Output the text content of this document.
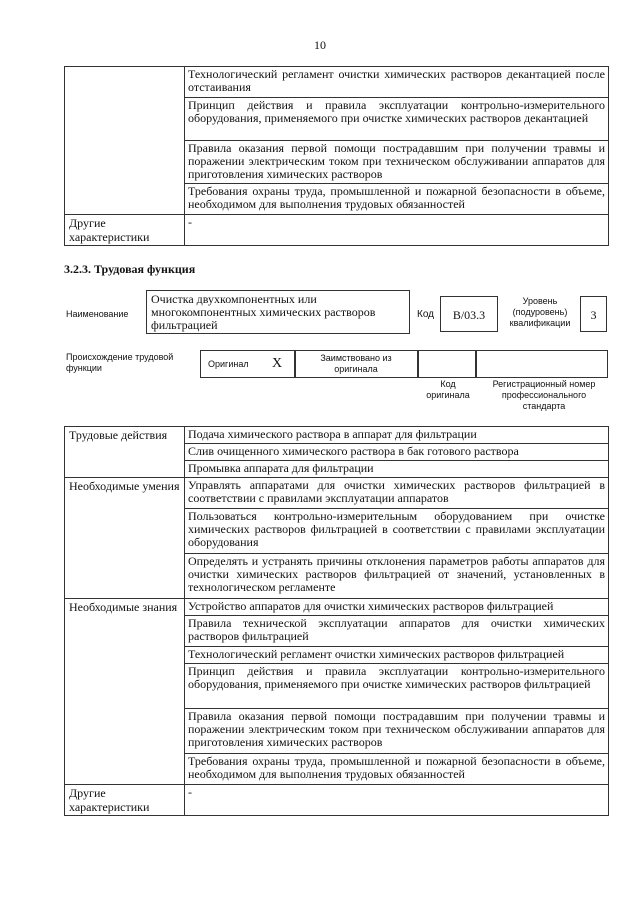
10
	Технологический регламент очистки химических растворов декантацией после отстаивания
	Принцип действия и правила эксплуатации контрольно-измерительного оборудования, применяемого при очистке химических растворов декантацией
	Правила оказания первой помощи пострадавшим при получении травмы и поражении электрическим током при техническом обслуживании аппаратов для приготовления химических растворов
	Требования охраны труда, промышленной и пожарной безопасности в объеме, необходимом для выполнения трудовых обязанностей
Другие характеристики	-
3.2.3. Трудовая функция
Наименование
Очистка двухкомпонентных или многокомпонентных химических растворов фильтрацией
Код	B/03.3
Уровень (подуровень) квалификации
3
Происхождение трудовой функции	Оригинал X	Заимствовано из оригинала
Код оригинала
Регистрационный номер профессионального стандарта
Трудовые действия	Подача химического раствора в аппарат для фильтрации
	Слив очищенного химического раствора в бак готового раствора
	Промывка аппарата для фильтрации
Необходимые умения	Управлять аппаратами для очистки химических растворов фильтрацией в соответствии с правилами эксплуатации аппаратов
	Пользоваться контрольно-измерительным оборудованием при очистке химических растворов фильтрацией в соответствии с правилами эксплуатации оборудования
	Определять и устранять причины отклонения параметров работы аппаратов для очистки химических растворов фильтрацией от значений, установленных в технологическом регламенте
Необходимые знания	Устройство аппаратов для очистки химических растворов фильтрацией
	Правила технической эксплуатации аппаратов для очистки химических растворов фильтрацией
	Технологический регламент очистки химических растворов фильтрацией
	Принцип действия и правила эксплуатации контрольно-измерительного оборудования, применяемого при очистке химических растворов фильтрацией
	Правила оказания первой помощи пострадавшим при получении травмы и поражении электрическим током при техническом обслуживании аппаратов для приготовления химических растворов
	Требования охраны труда, промышленной и пожарной безопасности в объеме, необходимом для выполнения трудовых обязанностей
Другие характеристики	-
